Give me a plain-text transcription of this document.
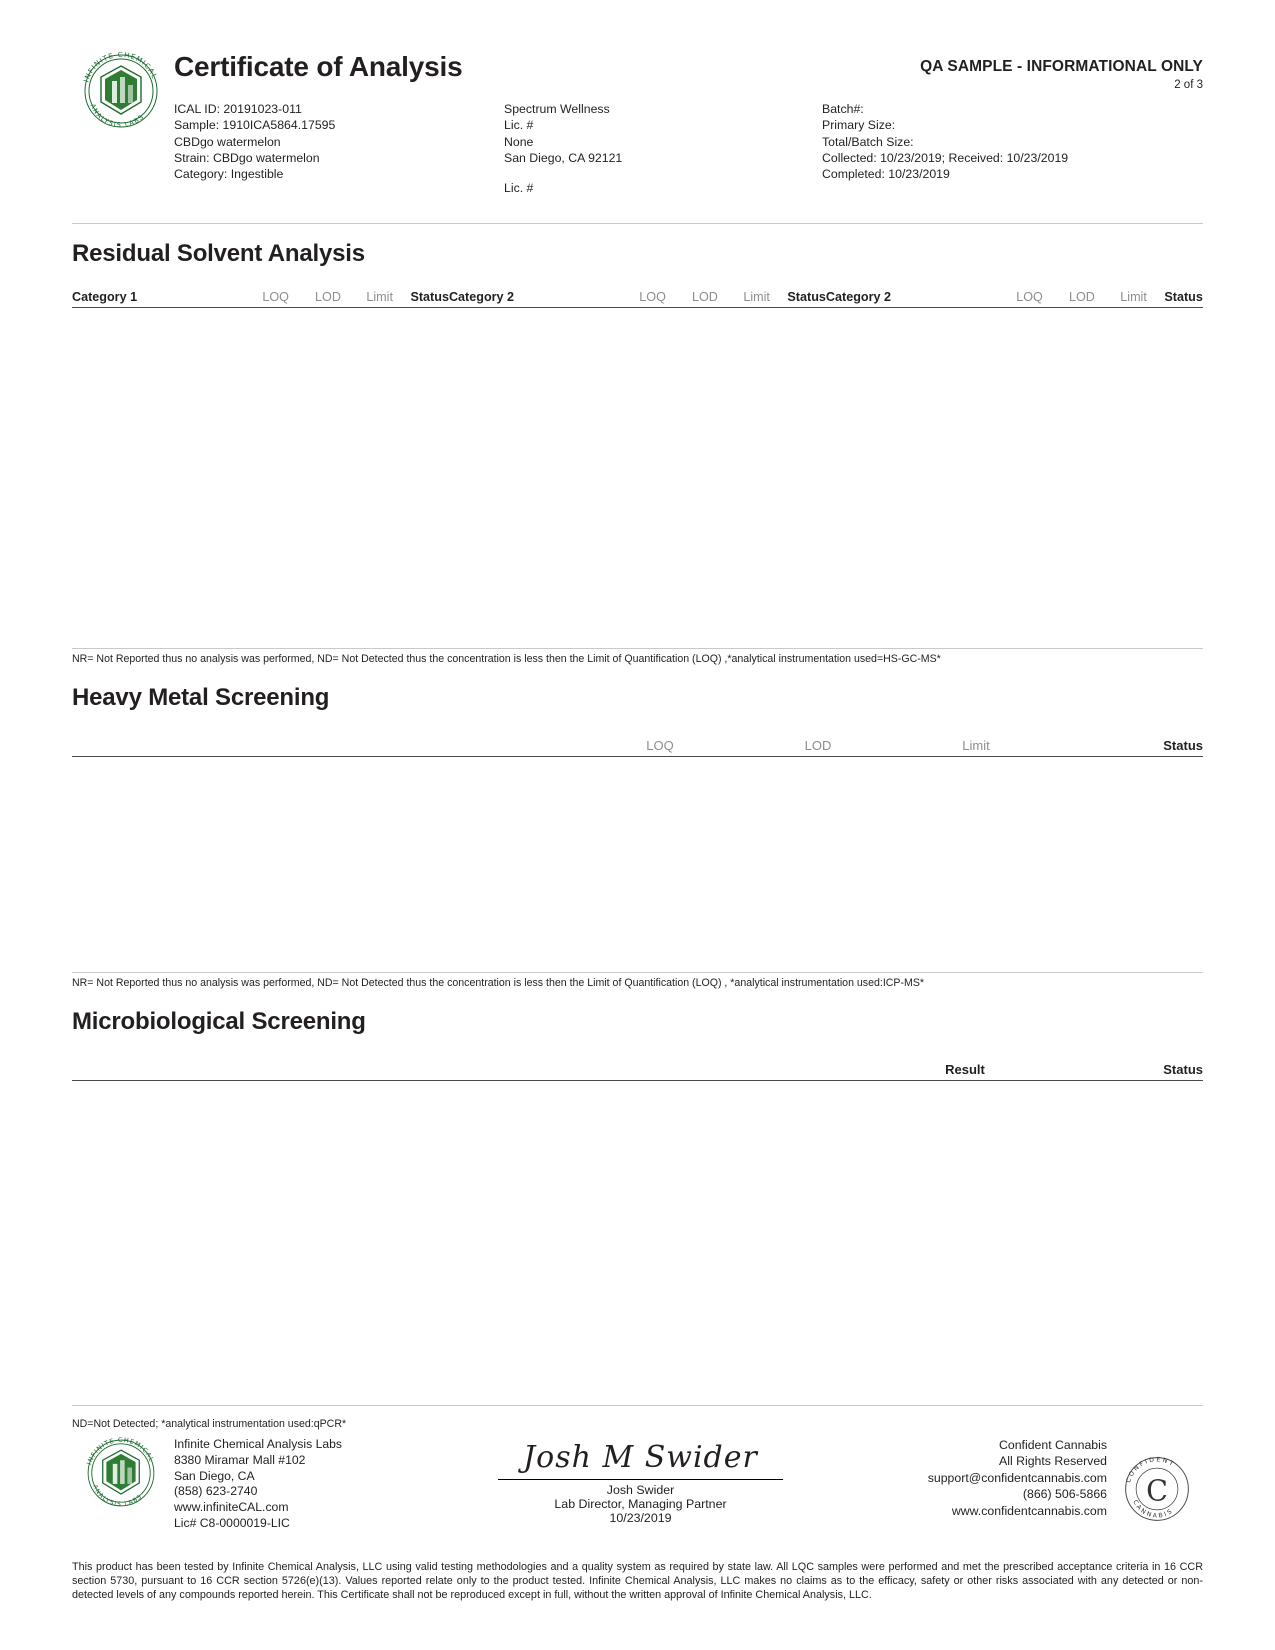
INFINITE CHEMICAL
ANALYSIS LABS
Certificate of Analysis	QA SAMPLE - INFORMATIONAL ONLY
2 of 3
ICAL ID: 20191023-011
Sample: 1910ICA5864.17595
CBDgo watermelon
Strain: CBDgo watermelon
Category: Ingestible
Spectrum Wellness
Lic. #
None
San Diego, CA 92121
Lic. #
Batch#:
Primary Size:
Total/Batch Size:
Collected: 10/23/2019; Received: 10/23/2019
Completed: 10/23/2019
Residual Solvent Analysis
Category 1	LOQ	LOD	Limit	Status Category 2	LOQ	LOD	Limit	Status Category 2	LOQ	LOD	Limit	Status
NR= Not Reported thus no analysis was performed, ND= Not Detected thus the concentration is less then the Limit of Quantification (LOQ) ,*analytical instrumentation used=HS-GC-MS*
Heavy Metal Screening
LOQ	LOD	Limit	Status
NR= Not Reported thus no analysis was performed, ND= Not Detected thus the concentration is less then the Limit of Quantification (LOQ) , *analytical instrumentation used:ICP-MS*
Microbiological Screening
Result	Status
ND=Not Detected; *analytical instrumentation used:qPCR*
INFINITE CHEMICAL
ANALYSIS LABS
Infinite Chemical Analysis Labs
8380 Miramar Mall #102
San Diego, CA
(858) 623-2740
www.infiniteCAL.com
Lic# C8-0000019-LIC
Josh M Swider
Josh Swider
Lab Director, Managing Partner
10/23/2019
Confident Cannabis
All Rights Reserved
support@confidentcannabis.com
(866) 506-5866
www.confidentcannabis.com
C
CONFIDENT
CANNABIS
This product has been tested by Infinite Chemical Analysis, LLC using valid testing methodologies and a quality system as required by state law. All LQC samples were performed and met the prescribed acceptance criteria in 16 CCR section 5730, pursuant to 16 CCR section 5726(e)(13). Values reported relate only to the product tested. Infinite Chemical Analysis, LLC makes no claims as to the efficacy, safety or other risks associated with any detected or non-detected levels of any compounds reported herein. This Certificate shall not be reproduced except in full, without the written approval of Infinite Chemical Analysis, LLC.
